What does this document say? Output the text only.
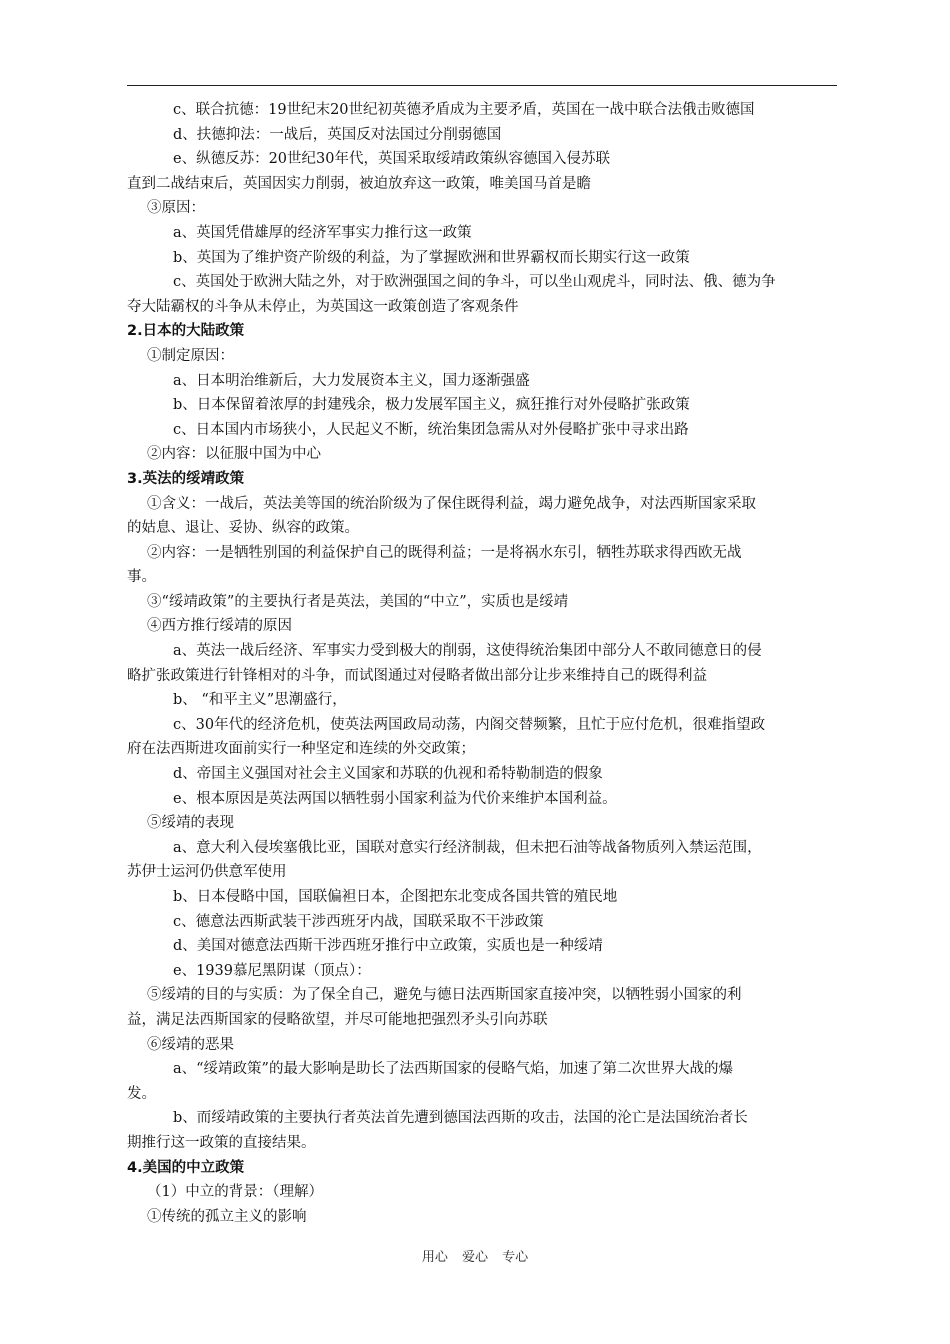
c、联合抗德：19世纪末20世纪初英德矛盾成为主要矛盾，英国在一战中联合法俄击败德国
d、扶德抑法：一战后，英国反对法国过分削弱德国
e、纵德反苏：20世纪30年代，英国采取绥靖政策纵容德国入侵苏联
直到二战结束后，英国因实力削弱，被迫放弃这一政策，唯美国马首是瞻
③原因：
a、英国凭借雄厚的经济军事实力推行这一政策
b、英国为了维护资产阶级的利益，为了掌握欧洲和世界霸权而长期实行这一政策
c、英国处于欧洲大陆之外，对于欧洲强国之间的争斗，可以坐山观虎斗，同时法、俄、德为争
夺大陆霸权的斗争从未停止，为英国这一政策创造了客观条件
2.日本的大陆政策
①制定原因：
a、日本明治维新后，大力发展资本主义，国力逐渐强盛
b、日本保留着浓厚的封建残余，极力发展军国主义，疯狂推行对外侵略扩张政策
c、日本国内市场狭小，人民起义不断，统治集团急需从对外侵略扩张中寻求出路
②内容：以征服中国为中心
3.英法的绥靖政策
①含义：一战后，英法美等国的统治阶级为了保住既得利益，竭力避免战争，对法西斯国家采取
的姑息、退让、妥协、纵容的政策。
②内容：一是牺牲别国的利益保护自己的既得利益；一是将祸水东引，牺牲苏联求得西欧无战
事。
③“绥靖政策”的主要执行者是英法，美国的“中立”，实质也是绥靖
④西方推行绥靖的原因
a、英法一战后经济、军事实力受到极大的削弱，这使得统治集团中部分人不敢同德意日的侵
略扩张政策进行针锋相对的斗争，而试图通过对侵略者做出部分让步来维持自己的既得利益
b、 “和平主义”思潮盛行，
c、30年代的经济危机，使英法两国政局动荡，内阁交替频繁，且忙于应付危机，很难指望政
府在法西斯进攻面前实行一种坚定和连续的外交政策；
d、帝国主义强国对社会主义国家和苏联的仇视和希特勒制造的假象
e、根本原因是英法两国以牺牲弱小国家利益为代价来维护本国利益。
⑤绥靖的表现
a、意大利入侵埃塞俄比亚，国联对意实行经济制裁，但未把石油等战备物质列入禁运范围，
苏伊士运河仍供意军使用
b、日本侵略中国，国联偏袒日本，企图把东北变成各国共管的殖民地
c、德意法西斯武装干涉西班牙内战，国联采取不干涉政策
d、美国对德意法西斯干涉西班牙推行中立政策，实质也是一种绥靖
e、1939慕尼黑阴谋（顶点）：
⑤绥靖的目的与实质：为了保全自己，避免与德日法西斯国家直接冲突，以牺牲弱小国家的利
益，满足法西斯国家的侵略欲望，并尽可能地把强烈矛头引向苏联
⑥绥靖的恶果
a、“绥靖政策”的最大影响是助长了法西斯国家的侵略气焰，加速了第二次世界大战的爆
发。
b、而绥靖政策的主要执行者英法首先遭到德国法西斯的攻击，法国的沦亡是法国统治者长
期推行这一政策的直接结果。
4.美国的中立政策
（1）中立的背景：（理解）
①传统的孤立主义的影响
用心 爱心 专心
